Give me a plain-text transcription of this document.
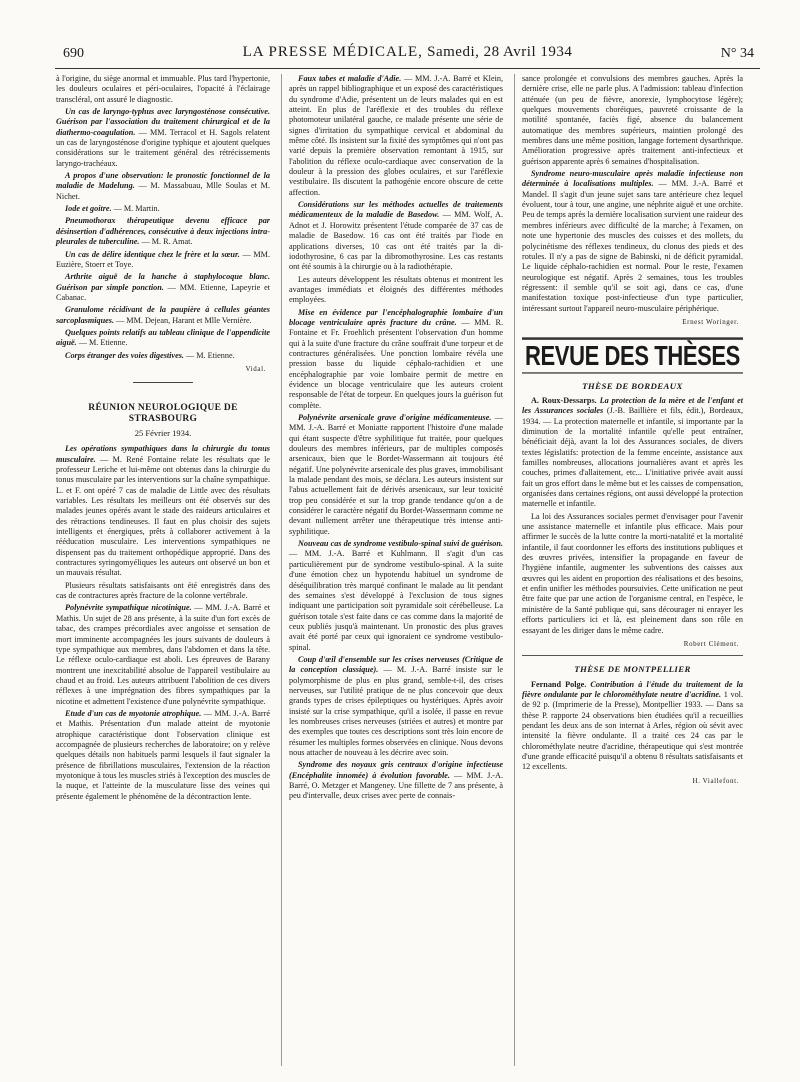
690	LA PRESSE MÉDICALE, Samedi, 28 Avril 1934	N° 34

à l'origine, du siège anormal et immuable. Plus tard l'hypertonie, les douleurs oculaires et péri-oculaires, l'opacité à l'éclairage transcléral, ont assuré le diagnostic.

Un cas de laryngo-typhus avec laryngosténose consécutive. Guérison par l'association du traitement chirurgical et de la diathermo-coagulation. — MM. Terracol et H. Sagols relatent un cas de laryngosténose d'origine typhique et ajoutent quelques considérations sur le traitement général des rétrécissements laryngo-trachéaux.

A propos d'une observation: le pronostic fonctionnel de la maladie de Madelung. — M. Massabuau, Mlle Soulas et M. Nichet.

Iode et goitre. — M. Martin.

Pneumothorax thérapeutique devenu efficace par désinsertion d'adhérences, consécutive à deux injections intra-pleurales de tuberculine. — M. R. Amat.

Un cas de délire identique chez le frère et la sœur. — MM. Euzière, Stoerr et Toye.

Arthrite aiguë de la hanche à staphylocoque blanc. Guérison par simple ponction. — MM. Etienne, Lapeyrie et Cabanac.

Granulome récidivant de la paupière à cellules géantes sarcoplasmiques. — MM. Dejean, Harant et Mlle Vernière.

Quelques points relatifs au tableau clinique de l'appendicite aiguë. — M. Etienne.

Corps étranger des voies digestives. — M. Etienne.

Vidal.

RÉUNION NEUROLOGIQUE DE STRASBOURG
25 Février 1934.

Les opérations sympathiques dans la chirurgie du tonus musculaire. — M. René Fontaine relate les résultats que le professeur Leriche et lui-même ont obtenus dans la chirurgie du tonus musculaire par les interventions sur la chaîne sympathique. L. et F. ont opéré 7 cas de maladie de Little avec des résultats variables. Les résultats les meilleurs ont été observés sur des malades jeunes opérés avant le stade des raideurs articulaires et des rétractions tendineuses. Il faut en plus choisir des sujets intelligents et énergiques, prêts à collaborer activement à la rééducation musculaire. Les interventions sympathiques ne dispensent pas du traitement orthopédique approprié. Dans des contractures syringomyéliques les auteurs ont observé un bon et un mauvais résultat.

Plusieurs résultats satisfaisants ont été enregistrés dans des cas de contractures après fracture de la colonne vertébrale.

Polynévrite sympathique nicotinique. — MM. J.-A. Barré et Mathis. Un sujet de 28 ans présente, à la suite d'un fort excès de tabac, des crampes précordiales avec angoisse et sensation de mort imminente accompagnées les jours suivants de douleurs à type sympathique aux membres, dans l'abdomen et dans la tête. Le réflexe oculo-cardiaque est aboli. Les épreuves de Barany montrent une inexcitabilité absolue de l'appareil vestibulaire au chaud et au froid. Les auteurs attribuent l'abolition de ces divers réflexes à une imprégnation des fibres sympathiques par la nicotine et admettent l'existence d'une polynévrite sympathique.

Etude d'un cas de myotonie atrophique. — MM. J.-A. Barré et Mathis. Présentation d'un malade atteint de myotonie atrophique caractéristique dont l'observation clinique est accompagnée de plusieurs recherches de laboratoire; on y relève quelques détails non habituels parmi lesquels il faut signaler la présence de fibrillations musculaires, l'extension de la réaction myotonique à tous les muscles striés à l'exception des muscles de la nuque, et l'atteinte de la musculature lisse des veines qui présente également le phénomène de la décontraction lente.

Faux tabes et maladie d'Adie. — MM. J.-A. Barré et Klein, après un rappel bibliographique et un exposé des caractéristiques du syndrome d'Adie, présentent un de leurs malades qui en est atteint. En plus de l'aréflexie et des troubles du réflexe photomoteur unilatéral gauche, ce malade présente une série de signes d'irritation du sympathique cervical et abdominal du même côté. Ils insistent sur la fixité des symptômes qui n'ont pas varié depuis la première observation remontant à 1915, sur l'abolition du réflexe oculo-cardiaque avec conservation de la douleur à la pression des globes oculaires, et sur l'aréflexie vestibulaire. Ils discutent la pathogénie encore obscure de cette affection.

Considérations sur les méthodes actuelles de traitements médicamenteux de la maladie de Basedow. — MM. Wolf, A. Adnot et J. Horowitz présentent l'étude comparée de 37 cas de maladie de Basedow. 16 cas ont été traités par l'iode en applications diverses, 10 cas ont été traités par la di-iodothyrosine, 6 cas par la dibromothyrosine. Les cas restants ont été soumis à la chirurgie ou à la radiothérapie.

Les auteurs développent les résultats obtenus et montrent les avantages immédiats et éloignés des différentes méthodes employées.

Mise en évidence par l'encéphalographie lombaire d'un blocage ventriculaire après fracture du crâne. — MM. R. Fontaine et Fr. Froehlich présentent l'observation d'un homme qui à la suite d'une fracture du crâne souffrait d'une torpeur et de contractures généralisées. Une ponction lombaire révéla une pression basse du liquide céphalo-rachidien et une encéphalographie par voie lombaire permit de mettre en évidence un blocage ventriculaire que les auteurs croient responsable de l'état de torpeur. En quelques jours la guérison fut complète.

Polynévrite arsenicale grave d'origine médicamenteuse. — MM. J.-A. Barré et Moniatte rapportent l'histoire d'une malade qui étant suspecte d'être syphilitique fut traitée, pour quelques douleurs des membres inférieurs, par de multiples composés arsenicaux, bien que le Bordet-Wassermann ait toujours été négatif. Une polynévrite arsenicale des plus graves, immobilisant la malade pendant des mois, se déclara. Les auteurs insistent sur l'abus actuellement fait de dérivés arsenicaux, sur leur toxicité trop peu considérée et sur la trop grande tendance qu'on a de considérer le caractère négatif du Bordet-Wassermann comme ne devant nullement arrêter une thérapeutique très intense anti-syphilitique.

Nouveau cas de syndrome vestibulo-spinal suivi de guérison. — MM. J.-A. Barré et Kuhlmann. Il s'agit d'un cas particulièrement pur de syndrome vestibulo-spinal. A la suite d'une émotion chez un hypotendu habituel un syndrome de déséquilibration très marqué confinant le malade au lit pendant des semaines s'est développé à l'exclusion de tous signes indiquant une participation soit pyramidale soit cérébelleuse. La guérison totale s'est faite dans ce cas comme dans la majorité de ceux publiés jusqu'à maintenant. Un pronostic des plus graves avait été porté par ceux qui ignoraient ce syndrome vestibulo-spinal.

Coup d'œil d'ensemble sur les crises nerveuses (Critique de la conception classique). — M. J.-A. Barré insiste sur le polymorphisme de plus en plus grand, semble-t-il, des crises nerveuses, sur l'utilité pratique de ne plus concevoir que deux grands types de crises épileptiques ou hystériques. Après avoir insisté sur la crise sympathique, qu'il a isolée, il passe en revue les nombreuses crises nerveuses (striées et autres) et montre par des exemples que toutes ces descriptions sont très loin encore de résumer les multiples formes observées en clinique. Nous devons nous attacher de nouveau à les décrire avec soin.

Syndrome des noyaux gris centraux d'origine infectieuse (Encéphalite innomée) à évolution favorable. — MM. J.-A. Barré, O. Metzger et Mangeney. Une fillette de 7 ans présente, à peu d'intervalle, deux crises avec perte de connais-

sance prolongée et convulsions des membres gauches. Après la dernière crise, elle ne parle plus. A l'admission: tableau d'infection atténuée (un peu de fièvre, anorexie, lymphocytose légère); quelques mouvements choréiques, pauvreté croissante de la motilité spontanée, faciès figé, absence du balancement automatique des membres supérieurs, maintien prolongé des membres dans une même position, langage fortement dysarthrique. Amélioration progressive après traitement anti-infectieux et guérison apparente après 6 semaines d'hospitalisation.

Syndrome neuro-musculaire après maladie infectieuse non déterminée à localisations multiples. — MM. J.-A. Barré et Mandel. Il s'agit d'un jeune sujet sans tare antérieure chez lequel évoluent, tour à tour, une angine, une néphrite aiguë et une orchite. Peu de temps après la dernière localisation survient une raideur des membres inférieurs avec difficulté de la marche; à l'examen, on note une hypertonie des muscles des cuisses et des mollets, du polycinétisme des réflexes tendineux, du clonus des pieds et des rotules. Il n'y a pas de signe de Babinski, ni de déficit pyramidal. Le liquide céphalo-rachidien est normal. Pour le reste, l'examen neurologique est négatif. Après 2 semaines, tous les troubles régressent: il semble qu'il se soit agi, dans ce cas, d'une manifestation toxique post-infectieuse d'un type particulier, intéressant surtout l'appareil neuro-musculaire périphérique.

Ernest Woringer.

REVUE DES THÈSES
THÈSE DE BORDEAUX

A. Roux-Dessarps. La protection de la mère et de l'enfant et les Assurances sociales (J.-B. Baillière et fils, édit.), Bordeaux, 1934. — La protection maternelle et infantile, si importante par la diminution de la mortalité infantile qu'elle peut entraîner, bénéficiait déjà, avant la loi des Assurances sociales, de divers textes législatifs: protection de la femme enceinte, assistance aux familles nombreuses, allocations journalières avant et après les couches, primes d'allaitement, etc... L'initiative privée avait aussi fait un gros effort dans le même but et les caisses de compensation, organisées dans certaines régions, ont aussi développé la protection maternelle et infantile.

La loi des Assurances sociales permet d'envisager pour l'avenir une assistance maternelle et infantile plus efficace. Mais pour affirmer le succès de la lutte contre la morti-natalité et la mortalité infantile, il faut coordonner les efforts des institutions publiques et des œuvres privées, intensifier la propagande en faveur de l'hygiène infantile, augmenter les subventions des caisses aux œuvres qui les aident en proportion des réalisations et des besoins, et enfin unifier les méthodes poursuivies. Cette unification ne peut être faite que par une action de l'organisme central, en l'espèce, le ministère de la Santé publique qui, sans décourager ni enrayer les efforts particuliers ici et là, est pleinement dans son rôle en essayant de les diriger dans le même cadre.

Robert Clément.

THÈSE DE MONTPELLIER

Fernand Polge. Contribution à l'étude du traitement de la fièvre ondulante par le chlorométhylate neutre d'acridine. 1 vol. de 92 p. (Imprimerie de la Presse), Montpellier 1933. — Dans sa thèse P. rapporte 24 observations bien étudiées qu'il a recueillies pendant les deux ans de son internat à Arles, région où sévit avec intensité la fièvre ondulante. Il a traité ces 24 cas par le chlorométhylate neutre d'acridine, thérapeutique qui s'est montrée d'une grande efficacité puisqu'il a obtenu 8 résultats satisfaisants et 12 excellents.

H. Viallefont.
